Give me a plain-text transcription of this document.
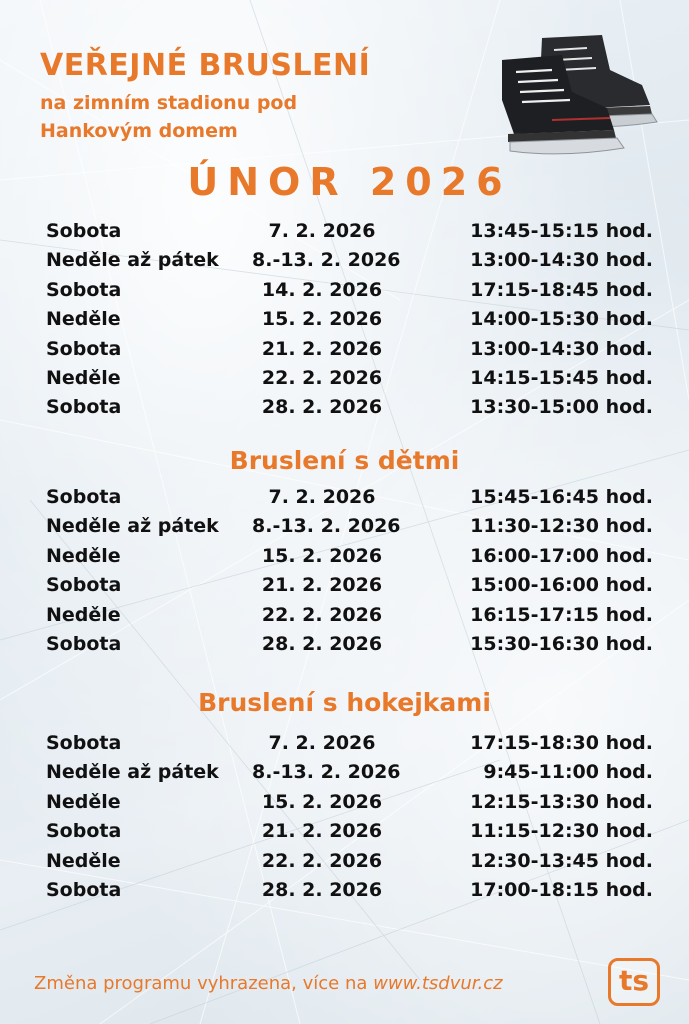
VEŘEJNÉ BRUSLENÍ
na zimním stadionu pod
Hankovým domem
ÚNOR 2026
Sobota	7. 2. 2026	13:45-15:15 hod.
Neděle až pátek 8.-13. 2. 2026	13:00-14:30 hod.
Sobota	14. 2. 2026	17:15-18:45 hod.
Neděle	15. 2. 2026	14:00-15:30 hod.
Sobota	21. 2. 2026	13:00-14:30 hod.
Neděle	22. 2. 2026	14:15-15:45 hod.
Sobota	28. 2. 2026	13:30-15:00 hod.
Bruslení s dětmi
Sobota	7. 2. 2026	15:45-16:45 hod.
Neděle až pátek 8.-13. 2. 2026	11:30-12:30 hod.
Neděle	15. 2. 2026	16:00-17:00 hod.
Sobota	21. 2. 2026	15:00-16:00 hod.
Neděle	22. 2. 2026	16:15-17:15 hod.
Sobota	28. 2. 2026	15:30-16:30 hod.
Bruslení s hokejkami
Sobota	7. 2. 2026	17:15-18:30 hod.
Neděle až pátek 8.-13. 2. 2026	9:45-11:00 hod.
Neděle	15. 2. 2026	12:15-13:30 hod.
Sobota	21. 2. 2026	11:15-12:30 hod.
Neděle	22. 2. 2026	12:30-13:45 hod.
Sobota	28. 2. 2026	17:00-18:15 hod.
Změna programu vyhrazena, více na www.tsdvur.cz	ts
